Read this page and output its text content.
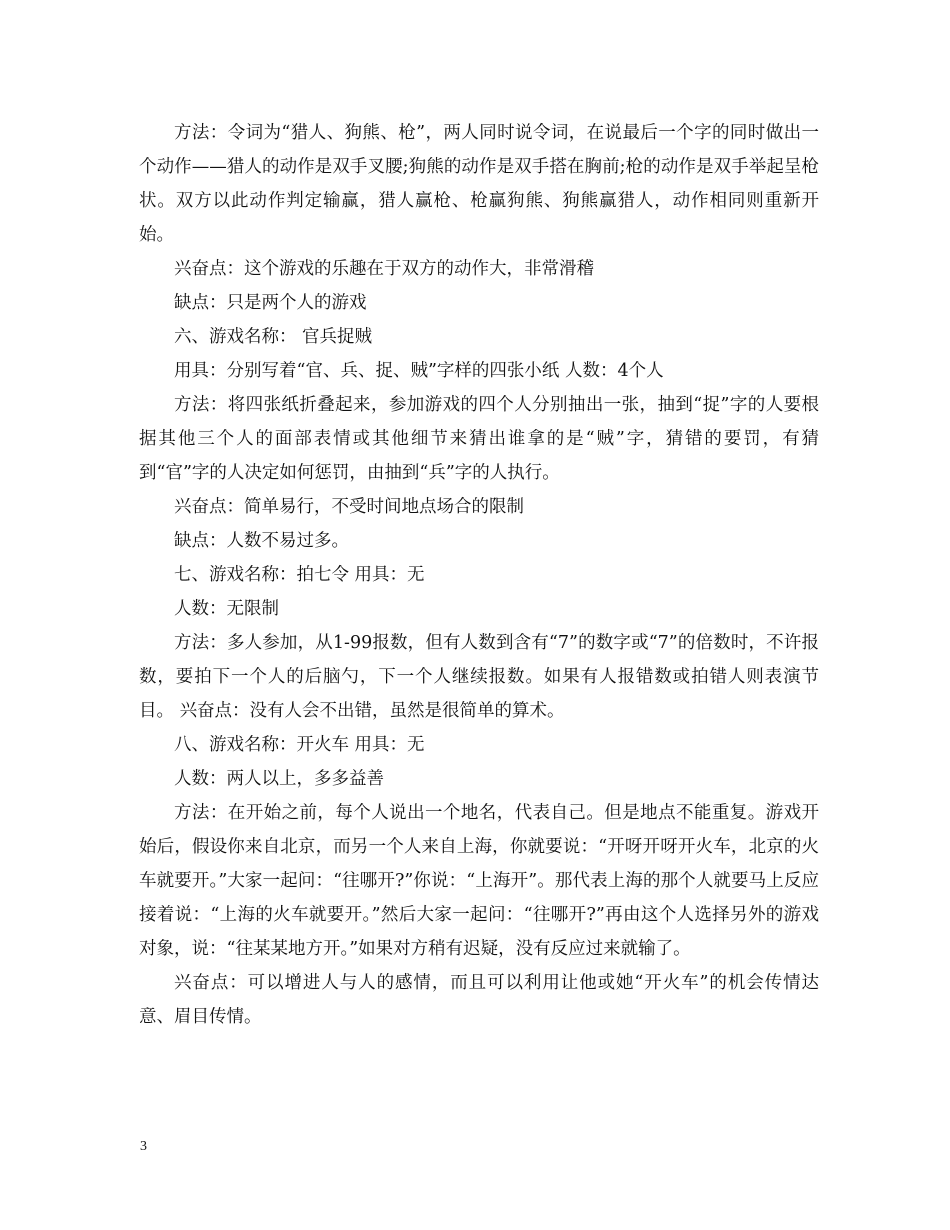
方法：令词为“猎人、狗熊、枪”，两人同时说令词，在说最后一个字的同时做出一个动作——猎人的动作是双手叉腰;狗熊的动作是双手搭在胸前;枪的动作是双手举起呈枪状。双方以此动作判定输赢，猎人赢枪、枪赢狗熊、狗熊赢猎人，动作相同则重新开始。

兴奋点：这个游戏的乐趣在于双方的动作大，非常滑稽

缺点：只是两个人的游戏

六、游戏名称： 官兵捉贼

用具：分别写着“官、兵、捉、贼”字样的四张小纸 人数：4个人

方法：将四张纸折叠起来，参加游戏的四个人分别抽出一张，抽到“捉”字的人要根据其他三个人的面部表情或其他细节来猜出谁拿的是“贼”字，猜错的要罚，有猜到“官”字的人决定如何惩罚，由抽到“兵”字的人执行。

兴奋点：简单易行，不受时间地点场合的限制

缺点：人数不易过多。

七、游戏名称：拍七令 用具：无

人数：无限制

方法：多人参加，从1-99报数，但有人数到含有“7”的数字或“7”的倍数时，不许报数，要拍下一个人的后脑勺，下一个人继续报数。如果有人报错数或拍错人则表演节目。 兴奋点：没有人会不出错，虽然是很简单的算术。

八、游戏名称：开火车 用具：无

人数：两人以上，多多益善

方法：在开始之前，每个人说出一个地名，代表自己。但是地点不能重复。游戏开始后，假设你来自北京，而另一个人来自上海，你就要说：“开呀开呀开火车，北京的火车就要开。”大家一起问：“往哪开?”你说：“上海开”。那代表上海的那个人就要马上反应接着说：“上海的火车就要开。”然后大家一起问：“往哪开?”再由这个人选择另外的游戏对象，说：“往某某地方开。”如果对方稍有迟疑，没有反应过来就输了。

兴奋点：可以增进人与人的感情，而且可以利用让他或她“开火车”的机会传情达意、眉目传情。

3
